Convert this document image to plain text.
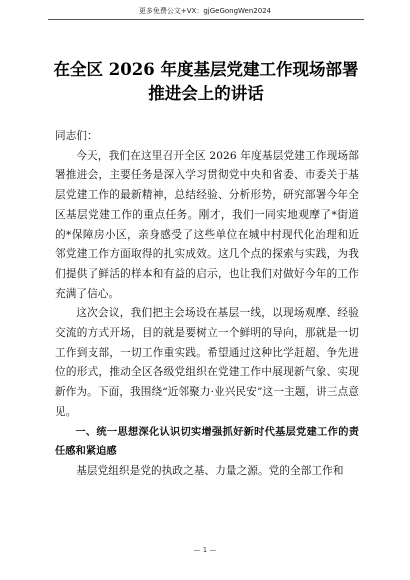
更多免费公文+VX：gjGeGongWen2024
在全区 2026 年度基层党建工作现场部署
推进会上的讲话

同志们：

今天，我们在这里召开全区 2026 年度基层党建工作现场部署推进会，主要任务是深入学习贯彻党中央和省委、市委关于基层党建工作的最新精神，总结经验、分析形势，研究部署今年全区基层党建工作的重点任务。刚才，我们一同实地观摩了*街道的*保障房小区，亲身感受了这些单位在城中村现代化治理和近邻党建工作方面取得的扎实成效。这几个点的探索与实践，为我们提供了鲜活的样本和有益的启示，也让我们对做好今年的工作充满了信心。

这次会议，我们把主会场设在基层一线，以现场观摩、经验交流的方式开场，目的就是要树立一个鲜明的导向，那就是一切工作到支部，一切工作重实践。希望通过这种比学赶超、争先进位的形式，推动全区各级党组织在党建工作中展现新气象、实现新作为。下面，我围绕“近邻聚力·业兴民安”这一主题，讲三点意见。

一、统一思想深化认识切实增强抓好新时代基层党建工作的责任感和紧迫感

基层党组织是党的执政之基、力量之源。党的全部工作和

— 1 —
